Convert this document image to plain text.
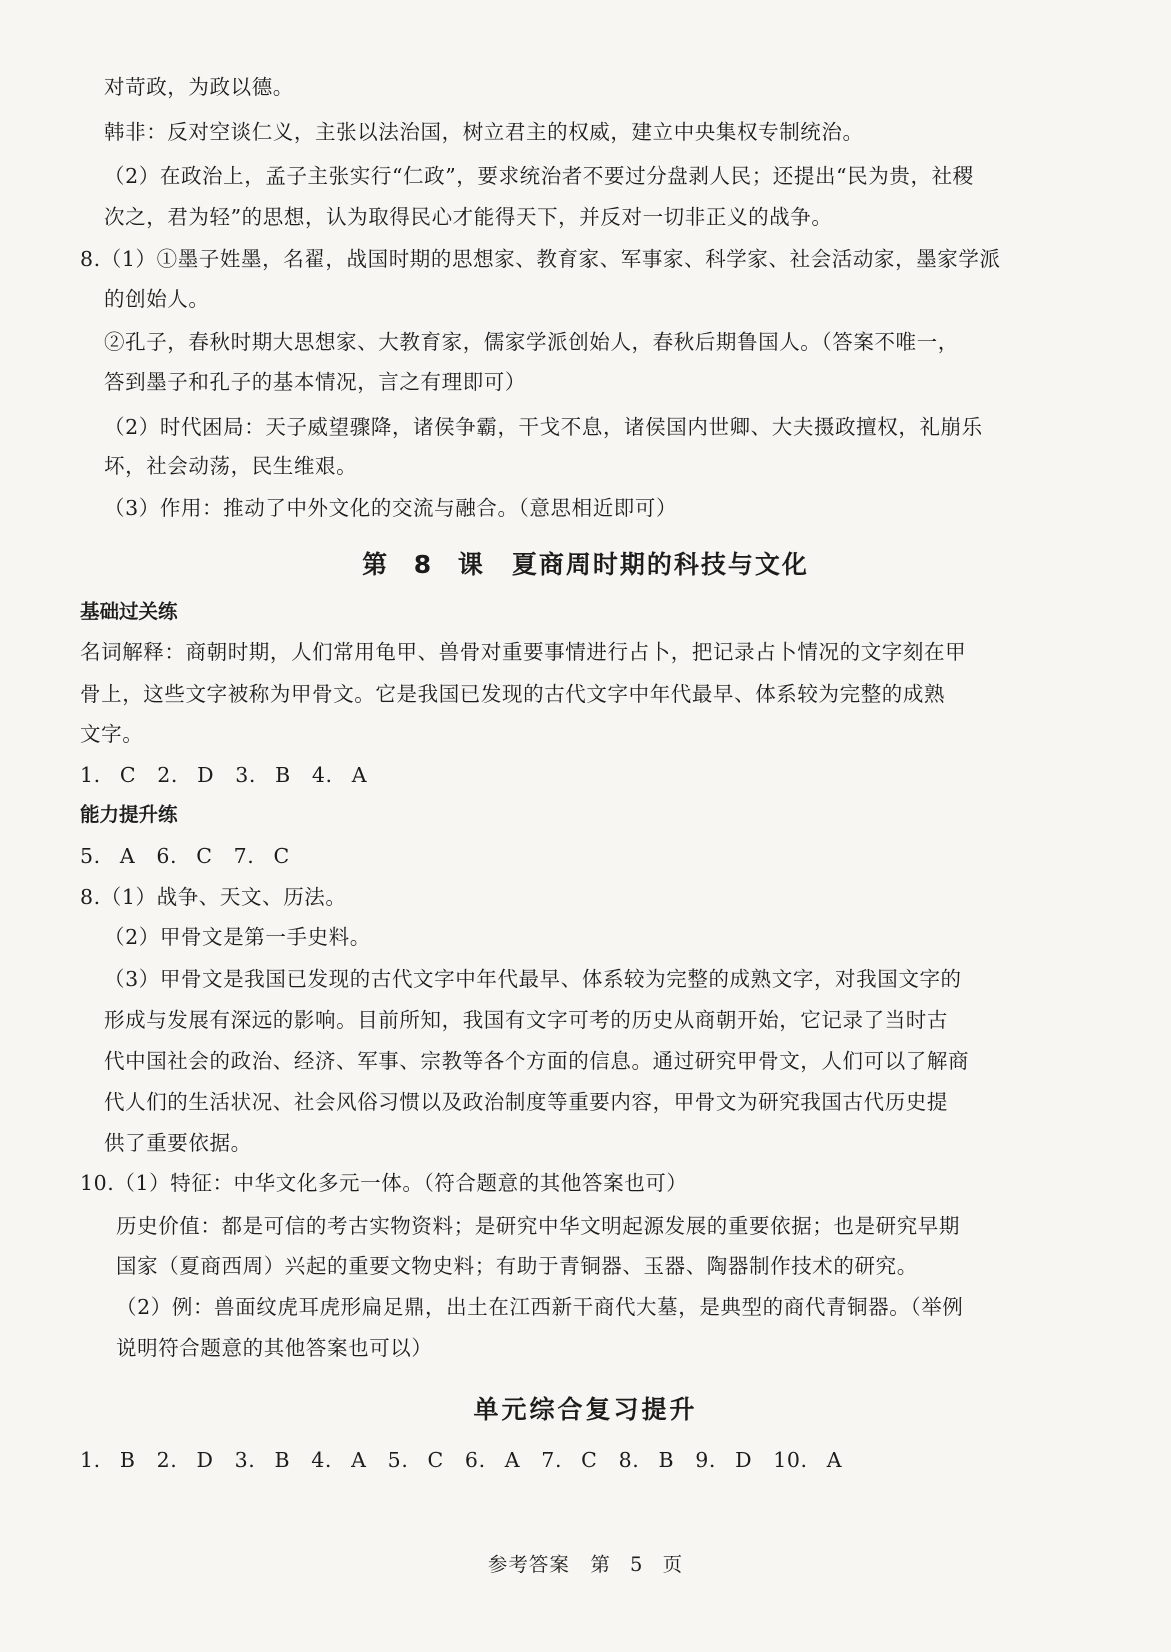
对苛政，为政以德。
韩非：反对空谈仁义，主张以法治国，树立君主的权威，建立中央集权专制统治。
（2）在政治上，孟子主张实行“仁政”，要求统治者不要过分盘剥人民；还提出“民为贵，社稷
次之，君为轻”的思想，认为取得民心才能得天下，并反对一切非正义的战争。
8.（1）①墨子姓墨，名翟，战国时期的思想家、教育家、军事家、科学家、社会活动家，墨家学派
的创始人。
②孔子，春秋时期大思想家、大教育家，儒家学派创始人，春秋后期鲁国人。（答案不唯一，
答到墨子和孔子的基本情况，言之有理即可）
（2）时代困局：天子威望骤降，诸侯争霸，干戈不息，诸侯国内世卿、大夫摄政擅权，礼崩乐
坏，社会动荡，民生维艰。
（3）作用：推动了中外文化的交流与融合。（意思相近即可）
第 8 课　夏商周时期的科技与文化
基础过关练
名词解释：商朝时期，人们常用龟甲、兽骨对重要事情进行占卜，把记录占卜情况的文字刻在甲
骨上，这些文字被称为甲骨文。它是我国已发现的古代文字中年代最早、体系较为完整的成熟
文字。
1. C　2. D　3. B　4. A
能力提升练
5. A　6. C　7. C
8.（1）战争、天文、历法。
（2）甲骨文是第一手史料。
（3）甲骨文是我国已发现的古代文字中年代最早、体系较为完整的成熟文字，对我国文字的
形成与发展有深远的影响。目前所知，我国有文字可考的历史从商朝开始，它记录了当时古
代中国社会的政治、经济、军事、宗教等各个方面的信息。通过研究甲骨文，人们可以了解商
代人们的生活状况、社会风俗习惯以及政治制度等重要内容，甲骨文为研究我国古代历史提
供了重要依据。
10.（1）特征：中华文化多元一体。（符合题意的其他答案也可）
历史价值：都是可信的考古实物资料；是研究中华文明起源发展的重要依据；也是研究早期
国家（夏商西周）兴起的重要文物史料；有助于青铜器、玉器、陶器制作技术的研究。
（2）例：兽面纹虎耳虎形扁足鼎，出土在江西新干商代大墓，是典型的商代青铜器。（举例
说明符合题意的其他答案也可以）
单元综合复习提升
1. B　2. D　3. B　4. A　5. C　6. A　7. C　8. B　9. D　10. A
参考答案　第 5 页
